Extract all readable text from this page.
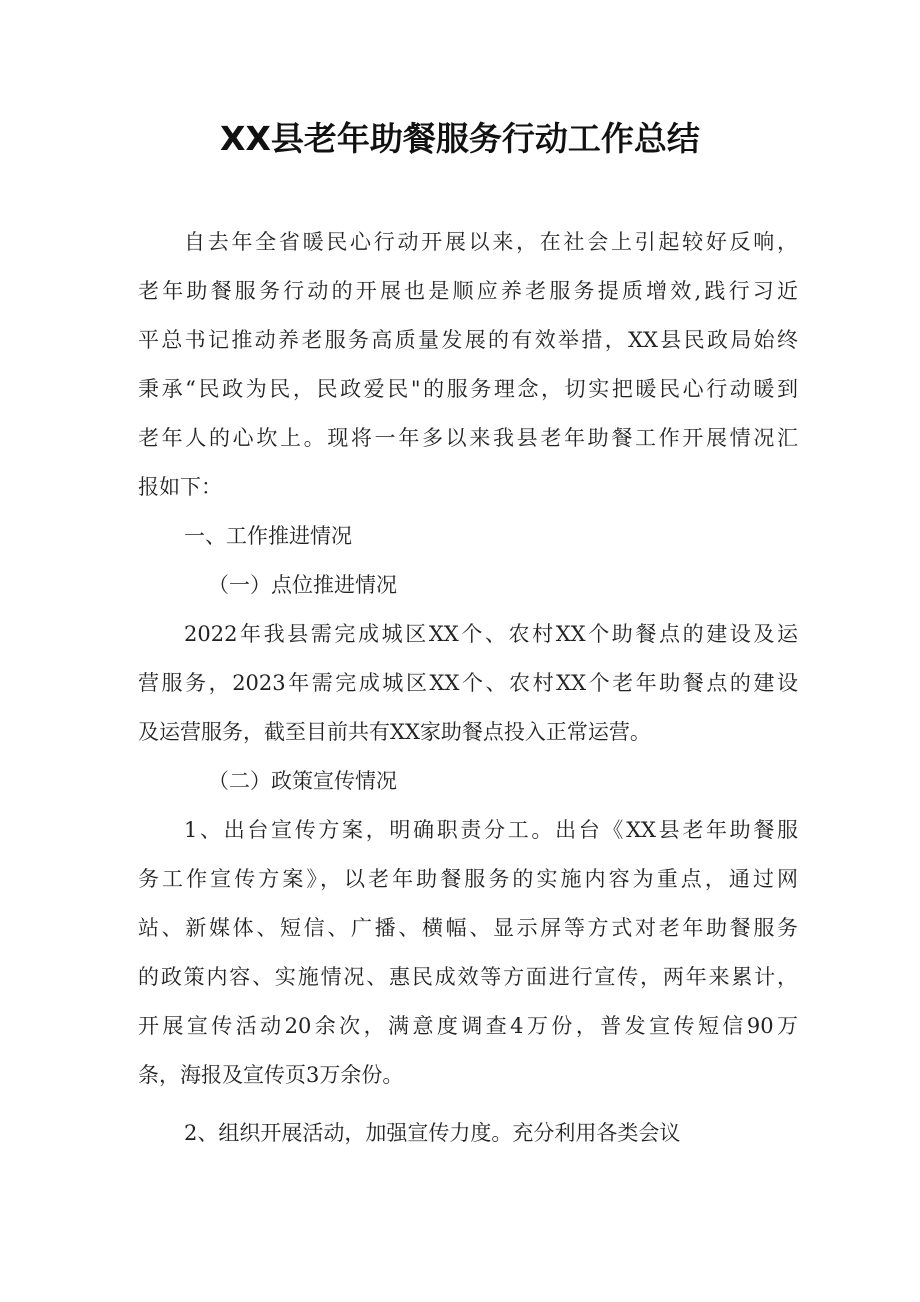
XX县老年助餐服务行动工作总结
自去年全省暖民心行动开展以来，在社会上引起较好反响，
老年助餐服务行动的开展也是顺应养老服务提质增效,践行习近
平总书记推动养老服务高质量发展的有效举措，XX县民政局始终
秉承“民政为民，民政爱民"的服务理念，切实把暖民心行动暖到
老年人的心坎上。现将一年多以来我县老年助餐工作开展情况汇
报如下：
一、工作推进情况
（一）点位推进情况
2022年我县需完成城区XX个、农村XX个助餐点的建设及运
营服务，2023年需完成城区XX个、农村XX个老年助餐点的建设
及运营服务，截至目前共有XX家助餐点投入正常运营。
（二）政策宣传情况
1、出台宣传方案，明确职责分工。出台《XX县老年助餐服
务工作宣传方案》，以老年助餐服务的实施内容为重点，通过网
站、新媒体、短信、广播、横幅、显示屏等方式对老年助餐服务
的政策内容、实施情况、惠民成效等方面进行宣传，两年来累计，
开展宣传活动20余次，满意度调查4万份，普发宣传短信90万
条，海报及宣传页3万余份。
2、组织开展活动，加强宣传力度。充分利用各类会议
